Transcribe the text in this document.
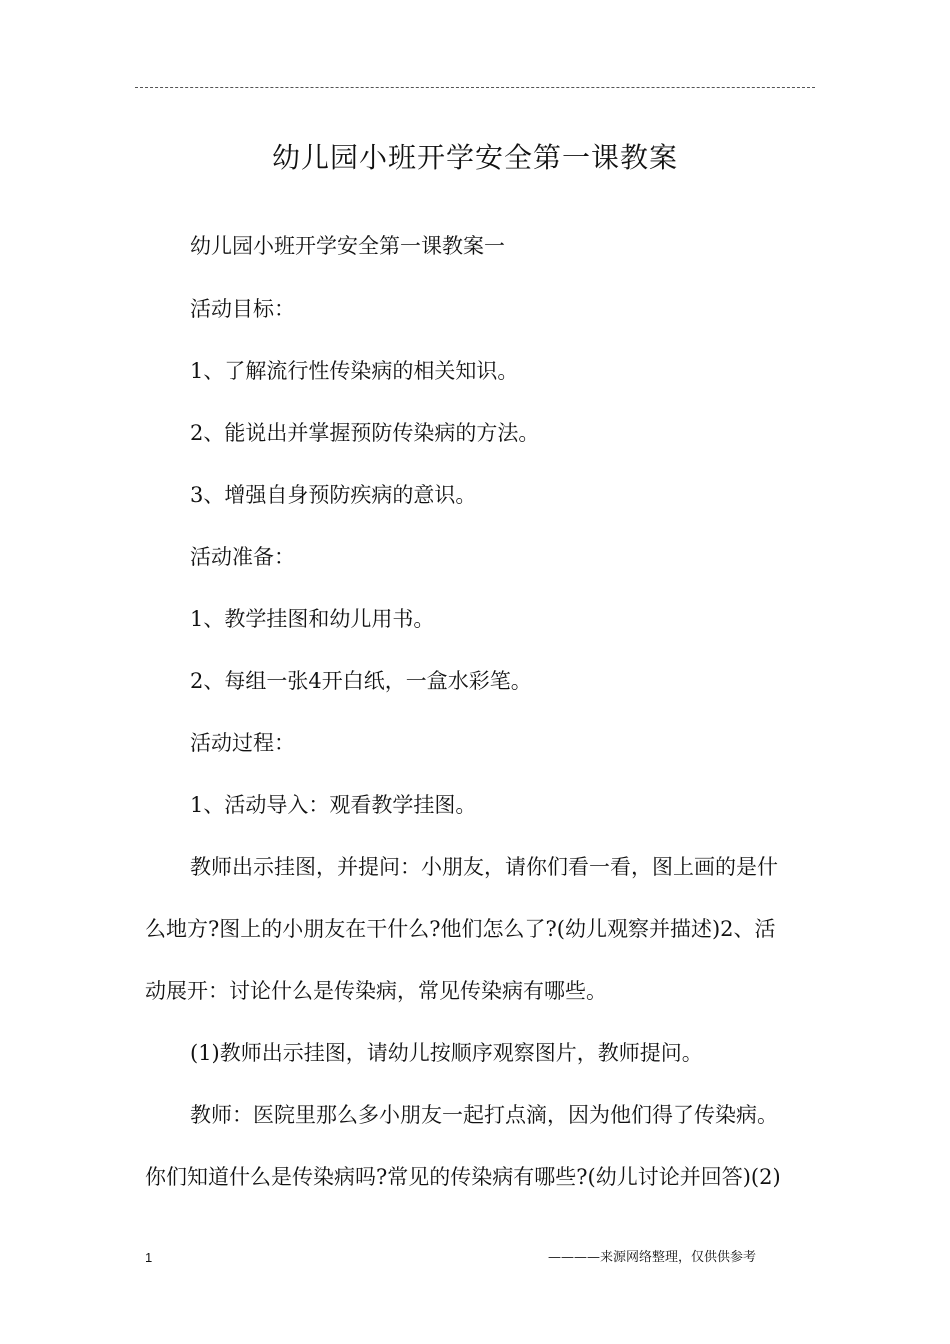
幼儿园小班开学安全第一课教案
幼儿园小班开学安全第一课教案一
活动目标：
1、了解流行性传染病的相关知识。
2、能说出并掌握预防传染病的方法。
3、增强自身预防疾病的意识。
活动准备：
1、教学挂图和幼儿用书。
2、每组一张4开白纸，一盒水彩笔。
活动过程：
1、活动导入：观看教学挂图。
教师出示挂图，并提问：小朋友，请你们看一看，图上画的是什
么地方?图上的小朋友在干什么?他们怎么了?(幼儿观察并描述)2、活
动展开：讨论什么是传染病，常见传染病有哪些。
(1)教师出示挂图，请幼儿按顺序观察图片，教师提问。
教师：医院里那么多小朋友一起打点滴，因为他们得了传染病。
你们知道什么是传染病吗?常见的传染病有哪些?(幼儿讨论并回答)(2)
1	————来源网络整理，仅供供参考
